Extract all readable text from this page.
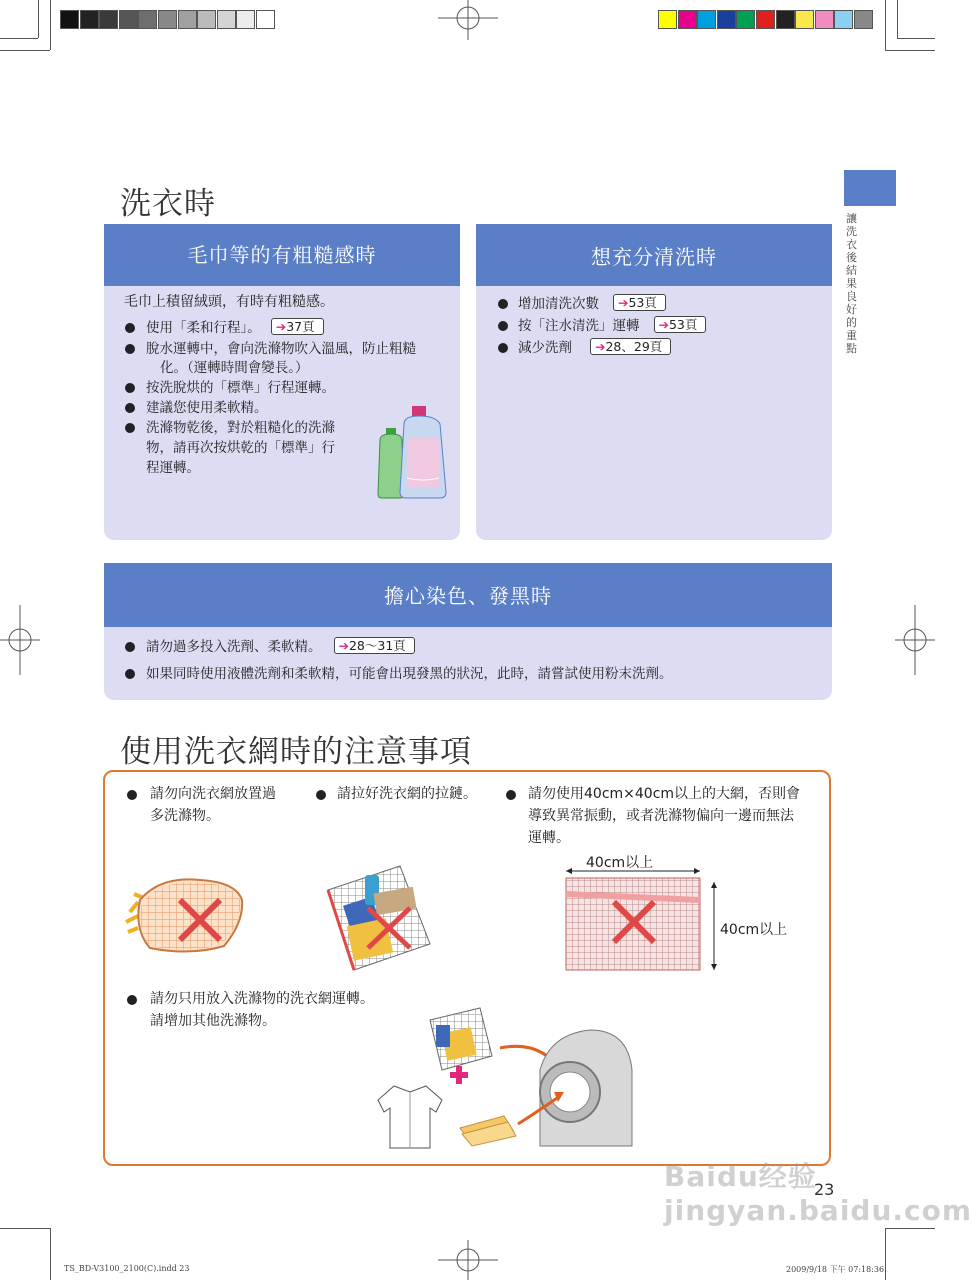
讓洗衣後結果良好的重點
洗衣時
毛巾等的有粗糙感時
毛巾上積留絨頭，有時有粗糙感。
使用「柔和行程」。 ➔37頁
脫水運轉中，會向洗滌物吹入溫風，防止粗糙
化。（運轉時間會變長。）
按洗脫烘的「標準」行程運轉。
建議您使用柔軟精。
洗滌物乾後，對於粗糙化的洗滌
物，請再次按烘乾的「標準」行
程運轉。
想充分清洗時
增加清洗次數 ➔53頁
按「注水清洗」運轉 ➔53頁
減少洗劑 ➔28、29頁
擔心染色、發黑時
請勿過多投入洗劑、柔軟精。 ➔28～31頁
如果同時使用液體洗劑和柔軟精，可能會出現發黑的狀況，此時，請嘗試使用粉末洗劑。
使用洗衣網時的注意事項
請勿向洗衣網放置過
多洗滌物。
請拉好洗衣網的拉鏈。	請勿使用40cm×40cm以上的大網，否則會
導致異常振動，或者洗滌物偏向一邊而無法
運轉。
40cm以上
40cm以上
請勿只用放入洗滌物的洗衣網運轉。
請增加其他洗滌物。
23
Baidu经验 jingyan.baidu.com
TS_BD-V3100_2100(C).indd 23	2009/9/18 下午 07:18:36
